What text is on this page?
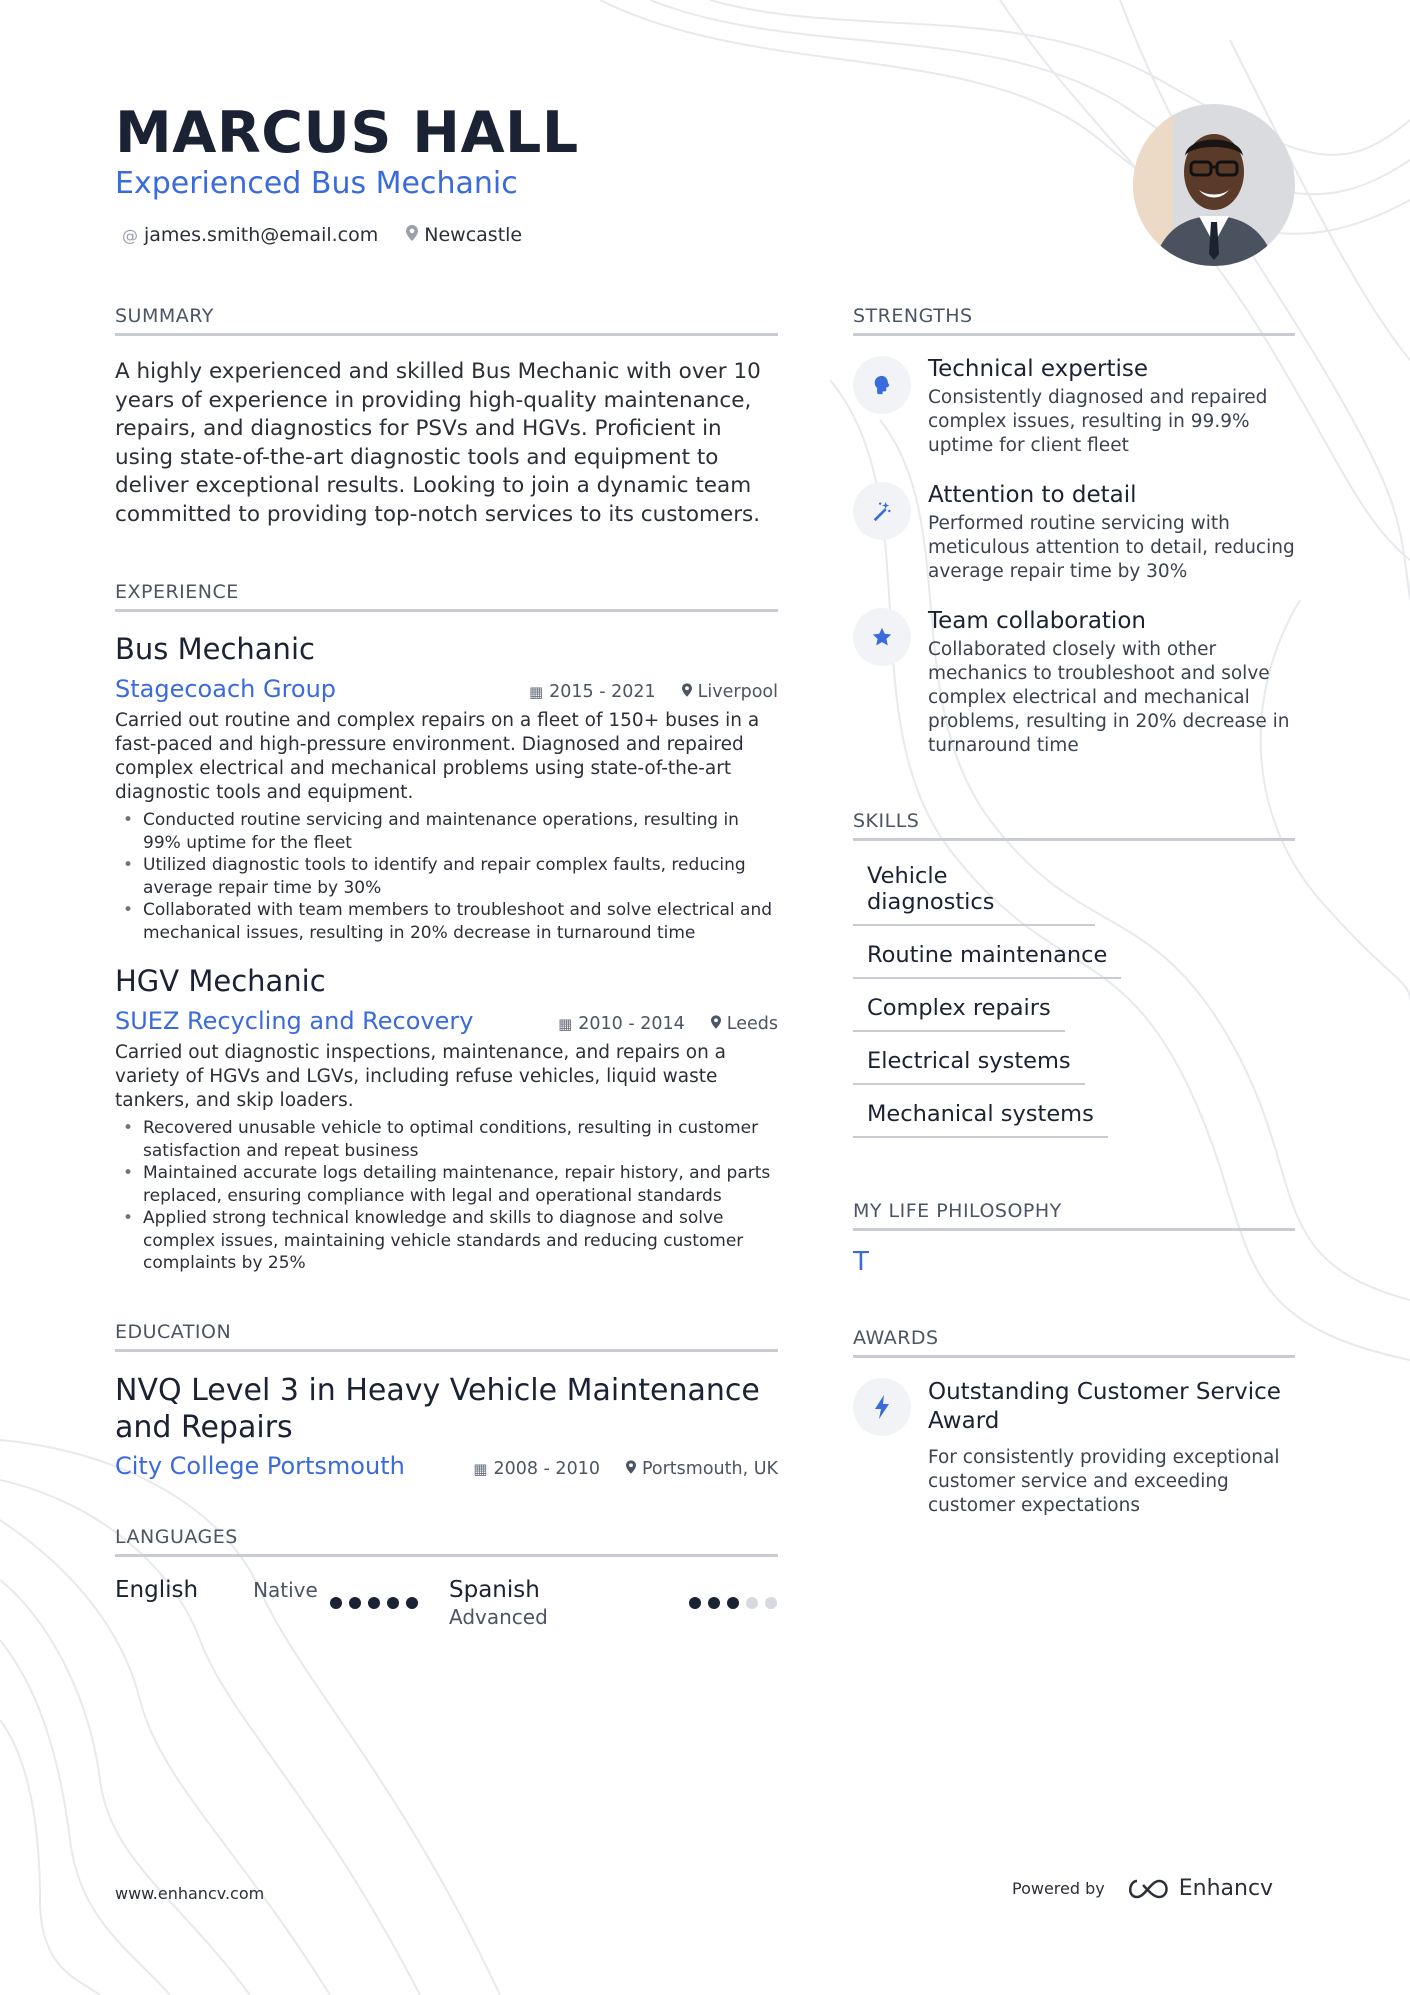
MARCUS HALL
Experienced Bus Mechanic
@ james.smith@email.com Newcastle
SUMMARY
A highly experienced and skilled Bus Mechanic with over 10 years of experience in providing high-quality maintenance, repairs, and diagnostics for PSVs and HGVs. Proficient in using state-of-the-art diagnostic tools and equipment to deliver exceptional results. Looking to join a dynamic team committed to providing top-notch services to its customers.
EXPERIENCE
Bus Mechanic
Stagecoach Group	▦ 2015 - 2021	Liverpool
Carried out routine and complex repairs on a fleet of 150+ buses in a fast-paced and high-pressure environment. Diagnosed and repaired complex electrical and mechanical problems using state-of-the-art diagnostic tools and equipment.
• Conducted routine servicing and maintenance operations, resulting in 99% uptime for the fleet
• Utilized diagnostic tools to identify and repair complex faults, reducing average repair time by 30%
• Collaborated with team members to troubleshoot and solve electrical and mechanical issues, resulting in 20% decrease in turnaround time
HGV Mechanic
SUEZ Recycling and Recovery	▦ 2010 - 2014	Leeds
Carried out diagnostic inspections, maintenance, and repairs on a variety of HGVs and LGVs, including refuse vehicles, liquid waste tankers, and skip loaders.
• Recovered unusable vehicle to optimal conditions, resulting in customer satisfaction and repeat business
• Maintained accurate logs detailing maintenance, repair history, and parts replaced, ensuring compliance with legal and operational standards
• Applied strong technical knowledge and skills to diagnose and solve complex issues, maintaining vehicle standards and reducing customer complaints by 25%
EDUCATION
NVQ Level 3 in Heavy Vehicle Maintenance and Repairs
City College Portsmouth	▦ 2008 - 2010	Portsmouth, UK
LANGUAGES
English	Native	Spanish
Advanced
STRENGTHS
Technical expertise
Consistently diagnosed and repaired complex issues, resulting in 99.9% uptime for client fleet
Attention to detail
Performed routine servicing with meticulous attention to detail, reducing average repair time by 30%
Team collaboration
Collaborated closely with other mechanics to troubleshoot and solve complex electrical and mechanical problems, resulting in 20% decrease in turnaround time
SKILLS
Vehicle diagnostics
Routine maintenance
Complex repairs
Electrical systems
Mechanical systems
MY LIFE PHILOSOPHY
T
AWARDS
Outstanding Customer Service Award
For consistently providing exceptional customer service and exceeding customer expectations
www.enhancv.com	Powered by	Enhancv
